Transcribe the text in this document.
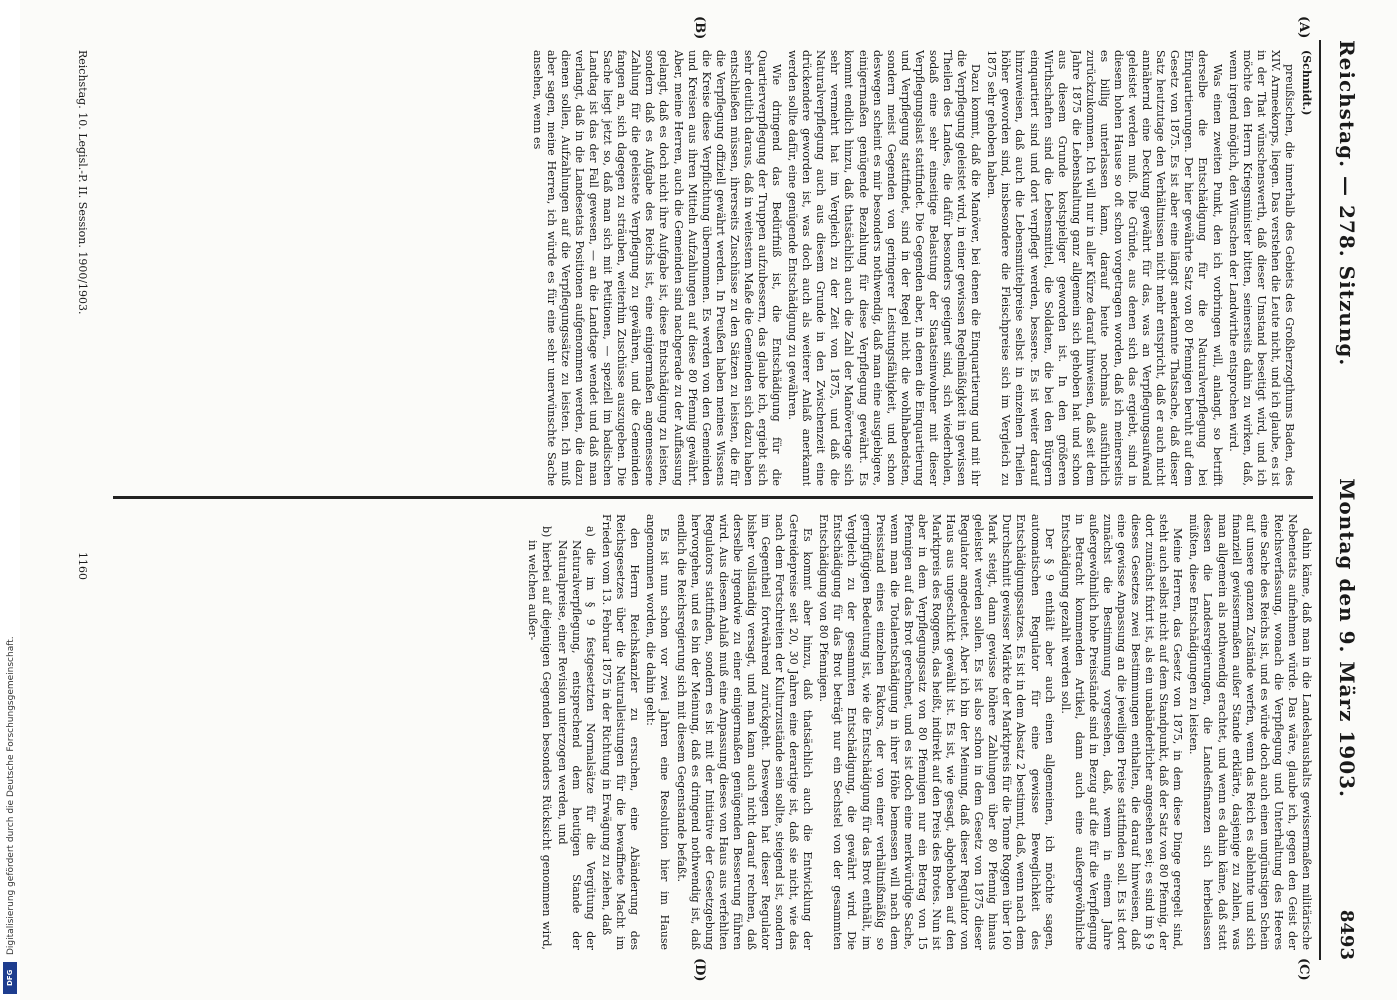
Reichstag. — 278. Sitzung.
Montag den 9. März 1903.
8493
(A)
(B)
(C)
(D)

(Schmidt.)

preußischen, die innerhalb des Gebiets des Großherzogthums Baden, des XIV. Armeekorps, liegen. Das verstehen die Leute nicht, und ich glaube, es ist in der That wünschenswerth, daß dieser Umstand beseitigt wird, und ich möchte den Herrn Kriegsminister bitten, seinerseits dahin zu wirken, daß, wenn irgend möglich, den Wünschen der Landwirthe entsprochen wird.

Was einen zweiten Punkt, den ich vorbringen will, anlangt, so betrifft derselbe die Entschädigung für die Naturalverpflegung bei Einquartierungen. Der hier gewährte Satz von 80 Pfennigen beruht auf dem Gesetz von 1875. Es ist aber eine längst anerkannte Thatsache, daß dieser Satz heutzutage den Verhältnissen nicht mehr entspricht, daß er auch nicht annähernd eine Deckung gewährt für das, was an Verpflegungsaufwand geleistet werden muß. Die Gründe, aus denen sich das ergiebt, sind in diesem hohen Hause so oft schon vorgetragen worden, daß ich meinerseits es billig unterlassen kann, darauf heute nochmals ausführlich zurückzukommen. Ich will nur in aller Kürze darauf hinweisen, daß seit dem Jahre 1875 die Lebenshaltung ganz allgemein sich gehoben hat und schon aus diesem Grunde kostspieliger geworden ist. In den größeren Wirthschaften sind die Lebensmittel, die Soldaten, die bei den Bürgern einquartiert sind und dort verpflegt werden, bessere. Es ist weiter darauf hinzuweisen, daß auch die Lebensmittelpreise selbst in einzelnen Theilen höher geworden sind, insbesondere die Fleischpreise sich im Vergleich zu 1875 sehr gehoben haben.

Dazu kommt, daß die Manöver, bei denen die Einquartierung und mit ihr die Verpflegung geleistet wird, in einer gewissen Regelmäßigkeit in gewissen Theilen des Landes, die dafür besonders geeignet sind, sich wiederholen, sodaß eine sehr einseitige Belastung der Staatseinwohner mit dieser Verpflegungslast stattfindet. Die Gegenden aber, in denen die Einquartierung und Verpflegung stattfindet, sind in der Regel nicht die wohlhabendsten, sondern meist Gegenden von geringerer Leistungsfähigkeit, und schon deswegen scheint es mir besonders nothwendig, daß man eine ausgiebigere, einigermaßen genügende Bezahlung für diese Verpflegung gewährt. Es kommt endlich hinzu, daß thatsächlich auch die Zahl der Manövertage sich sehr vermehrt hat im Vergleich zu der Zeit von 1875, und daß die Naturalverpflegung auch aus diesem Grunde in den Zwischenzeit eine drückendere geworden ist, was doch auch als weiterer Anlaß anerkannt werden sollte dafür, eine genügende Entschädigung zu gewähren.

Wie dringend das Bedürfniß ist, die Entschädigung für die Quartierverpflegung der Truppen aufzubessern, das glaube ich, ergiebt sich sehr deutlich daraus, daß in weitestem Maße die Gemeinden sich dazu haben entschließen müssen, ihrerseits Zuschüsse zu den Sätzen zu leisten, die für die Verpflegung offiziell gewährt werden. In Preußen haben meines Wissens die Kreise diese Verpflichtung übernommen. Es werden von den Gemeinden und Kreisen aus ihren Mitteln Aufzahlungen auf diese 80 Pfennig gewährt. Aber, meine Herren, auch die Gemeinden sind nachgerade zu der Auffassung gelangt, daß es doch nicht ihre Aufgabe ist, diese Entschädigung zu leisten, sondern daß es Aufgabe des Reichs ist, eine einigermaßen angemessene Zahlung für die geleistete Verpflegung zu gewähren, und die Gemeinden fangen an, sich dagegen zu sträuben, weiterhin Zuschüsse auszugeben. Die Sache liegt jetzt so, daß man sich mit Petitionen, — speziell im badischen Landtag ist das der Fall gewesen, — an die Landtage wendet und daß man verlangt, daß in die Landesetats Positionen aufgenommen werden, die dazu dienen sollen, Aufzahlungen auf die Verpflegungssätze zu leisten. Ich muß aber sagen, meine Herren, ich würde es für eine sehr unerwünschte Sache ansehen, wenn es

dahin käme, daß man in die Landeshaushalts gewissermaßen militärische Nebenetats aufnehmen würde. Das wäre, glaube ich, gegen den Geist der Reichsverfassung, wonach die Verpflegung und Unterhaltung des Heeres eine Sache des Reichs ist, und es würde doch auch einen ungünstigen Schein auf unsere ganzen Zustände werfen, wenn das Reich es ablehnte und sich finanziell gewissermaßen außer Stande erklärte, dasjenige zu zahlen, was man allgemein als nothwendig erachtet, und wenn es dahin käme, daß statt dessen die Landesregierungen, die Landesfinanzen sich herbeilassen müßten, diese Entschädigungen zu leisten.

Meine Herren, das Gesetz von 1875, in dem diese Dinge geregelt sind, steht auch selbst nicht auf dem Standpunkt, daß der Satz von 80 Pfennig, der dort zunächst fixirt ist, als ein unabänderlicher angesehen sei; es sind im § 9 dieses Gesetzes zwei Bestimmungen enthalten, die darauf hinweisen, daß eine gewisse Anpassung an die jeweiligen Preise stattfinden soll. Es ist dort zunächst die Bestimmung vorgesehen, daß, wenn in einem Jahre außergewöhnlich hohe Preisstände sind in Bezug auf die für die Verpflegung in Betracht kommenden Artikel, dann auch eine außergewöhnliche Entschädigung gezahlt werden soll.

Der § 9 enthält aber auch einen allgemeinen, ich möchte sagen, automatischen Regulator für eine gewisse Beweglichkeit des Entschädigungssatzes. Es ist in dem Absatz 2 bestimmt, daß, wenn nach dem Durchschnitt gewisser Märkte der Marktpreis für die Tonne Roggen über 160 Mark steigt, dann gewisse höhere Zahlungen über 80 Pfennig hinaus geleistet werden sollen. Es ist also schon in dem Gesetz von 1875 dieser Regulator angedeutet. Aber ich bin der Meinung, daß dieser Regulator von Haus aus ungeschickt gewählt ist. Es ist, wie gesagt, abgehoben auf den Marktpreis des Roggens, das heißt, indirekt auf den Preis des Brotes. Nun ist aber in dem Verpflegungssatz von 80 Pfennigen nur ein Betrag von 15 Pfennigen auf das Brot gerechnet, und es ist doch eine merkwürdige Sache, wenn man die Totalentschädigung in ihrer Höhe bemessen will nach dem Preisstand eines einzelnen Faktors, der von einer verhältnißmäßig so geringfügigen Bedeutung ist, wie die Entschädigung für das Brot enthält, im Vergleich zu der gesammten Entschädigung, die gewährt wird. Die Entschädigung für das Brot beträgt nur ein Sechstel von der gesammten Entschädigung von 80 Pfennigen.

Es kommt aber hinzu, daß thatsächlich auch die Entwicklung der Getreidepreise seit 20, 30 Jahren eine derartige ist, daß sie nicht, wie das nach dem Fortschreiten der Kulturzustände sein sollte, steigend ist, sondern im Gegentheil fortwährend zurückgeht. Deswegen hat dieser Regulator bisher vollständig versagt, und man kann auch nicht darauf rechnen, daß derselbe irgendwie zu einer einigermaßen genügenden Besserung führen wird. Aus diesem Anlaß muß eine Anpassung dieses von Haus aus verfehlten Regulators stattfinden, sondern es ist mit der Initiative der Gesetzgebung hervorgehen, und es bin der Meinung, daß es dringend nothwendig ist, daß endlich die Reichsregierung sich mit diesem Gegenstande befaßt.

Es ist nun schon vor zwei Jahren eine Resolution hier im Hause angenommen worden, die dahin geht:

den Herrn Reichskanzler zu ersuchen, eine Abänderung des Reichsgesetzes über die Naturalleistungen für die bewaffnete Macht im Frieden vom 13. Februar 1875 in der Richtung in Erwägung zu ziehen, daß

a) die im § 9 festgesetzten Normalsätze für die Vergütung der Naturalverpflegung, entsprechend dem heutigen Stande der Naturalpreise, einer Revision unterzogen werden, und

b) hierbei auf diejenigen Gegenden besonders Rücksicht genommen wird, in welchen außer-

Reichstag. 10. Legisl.-P. II. Session. 1900/1903.
1160
Digitalisierung gefördert durch die Deutsche Forschungsgemeinschaft.
DFG
